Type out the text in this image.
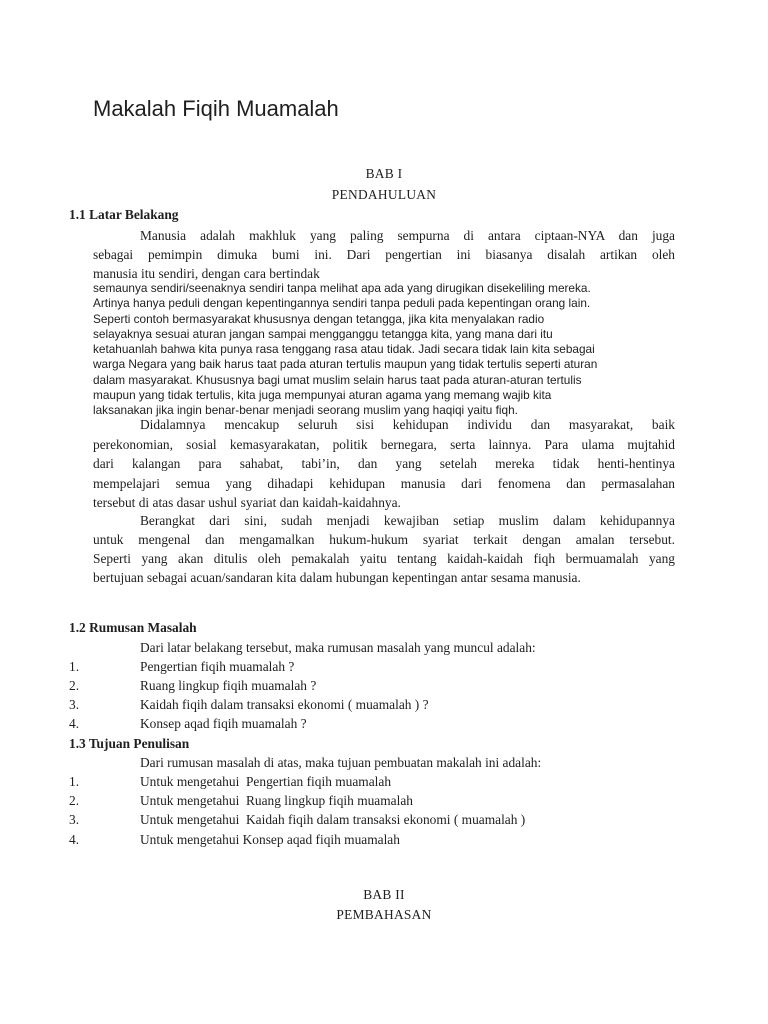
Makalah Fiqih Muamalah
BAB I
PENDAHULUAN
1.1 Latar Belakang
Manusia adalah makhluk yang paling sempurna di antara ciptaan-NYA dan juga
sebagai pemimpin dimuka bumi ini. Dari pengertian ini biasanya disalah artikan oleh
manusia itu sendiri, dengan cara bertindak
semaunya sendiri/seenaknya sendiri tanpa melihat apa ada yang dirugikan disekeliling mereka.
Artinya hanya peduli dengan kepentingannya sendiri tanpa peduli pada kepentingan orang lain.
Seperti contoh bermasyarakat khususnya dengan tetangga, jika kita menyalakan radio
selayaknya sesuai aturan jangan sampai mengganggu tetangga kita, yang mana dari itu
ketahuanlah bahwa kita punya rasa tenggang rasa atau tidak. Jadi secara tidak lain kita sebagai
warga Negara yang baik harus taat pada aturan tertulis maupun yang tidak tertulis seperti aturan
dalam masyarakat. Khususnya bagi umat muslim selain harus taat pada aturan-aturan tertulis
maupun yang tidak tertulis, kita juga mempunyai aturan agama yang memang wajib kita
laksanakan jika ingin benar-benar menjadi seorang muslim yang haqiqi yaitu fiqh.
Didalamnya mencakup seluruh sisi kehidupan individu dan masyarakat, baik
perekonomian, sosial kemasyarakatan, politik bernegara, serta lainnya. Para ulama mujtahid
dari kalangan para sahabat, tabi’in, dan yang setelah mereka tidak henti-hentinya
mempelajari semua yang dihadapi kehidupan manusia dari fenomena dan permasalahan
tersebut di atas dasar ushul syariat dan kaidah-kaidahnya.
Berangkat dari sini, sudah menjadi kewajiban setiap muslim dalam kehidupannya
untuk mengenal dan mengamalkan hukum-hukum syariat terkait dengan amalan tersebut.
Seperti yang akan ditulis oleh pemakalah yaitu tentang kaidah-kaidah fiqh bermuamalah yang
bertujuan sebagai acuan/sandaran kita dalam hubungan kepentingan antar sesama manusia.
1.2 Rumusan Masalah
Dari latar belakang tersebut, maka rumusan masalah yang muncul adalah:
1.	Pengertian fiqih muamalah ?
2.	Ruang lingkup fiqih muamalah ?
3.	Kaidah fiqih dalam transaksi ekonomi ( muamalah ) ?
4.	Konsep aqad fiqih muamalah ?
1.3 Tujuan Penulisan
Dari rumusan masalah di atas, maka tujuan pembuatan makalah ini adalah:
1.	Untuk mengetahui  Pengertian fiqih muamalah
2.	Untuk mengetahui  Ruang lingkup fiqih muamalah
3.	Untuk mengetahui  Kaidah fiqih dalam transaksi ekonomi ( muamalah )
4.	Untuk mengetahui Konsep aqad fiqih muamalah
BAB II
PEMBAHASAN
